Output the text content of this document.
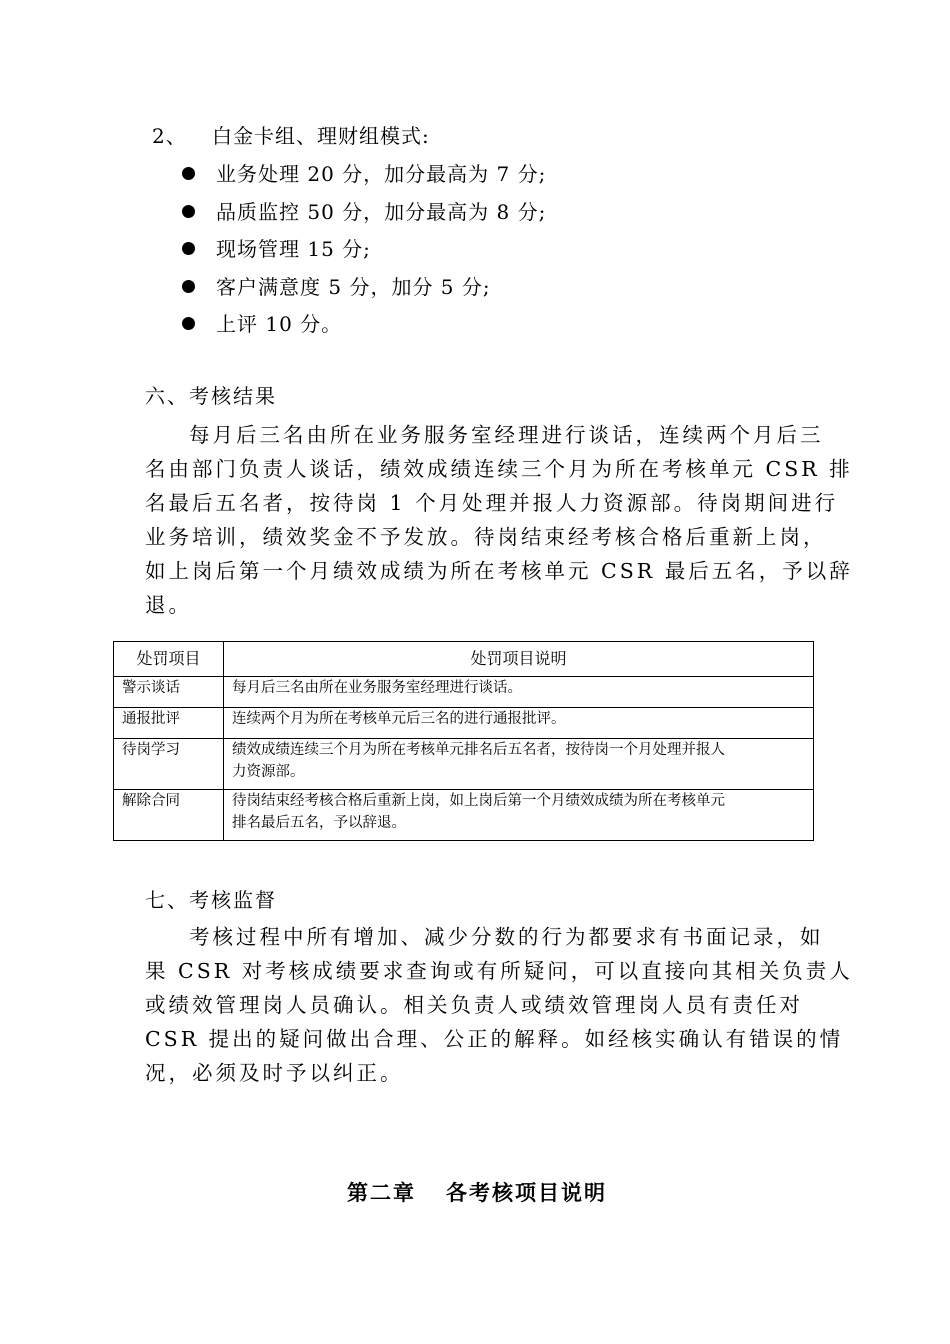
2、 白金卡组、理财组模式:
业务处理 20 分，加分最高为 7 分;
品质监控 50 分，加分最高为 8 分;
现场管理 15 分;
客户满意度 5 分，加分 5 分;
上评 10 分。
六、考核结果
每月后三名由所在业务服务室经理进行谈话，连续两个月后三
名由部门负责人谈话，绩效成绩连续三个月为所在考核单元 CSR 排
名最后五名者，按待岗 1 个月处理并报人力资源部。待岗期间进行
业务培训，绩效奖金不予发放。待岗结束经考核合格后重新上岗，
如上岗后第一个月绩效成绩为所在考核单元 CSR 最后五名，予以辞
退。
处罚项目	处罚项目说明
警示谈话	每月后三名由所在业务服务室经理进行谈话。

通报批评	连续两个月为所在考核单元后三名的进行通报批评。

待岗学习	绩效成绩连续三个月为所在考核单元排名后五名者，按待岗一个月处理并报人
力资源部。

解除合同	待岗结束经考核合格后重新上岗，如上岗后第一个月绩效成绩为所在考核单元
排名最后五名，予以辞退。
七、考核监督
考核过程中所有增加、减少分数的行为都要求有书面记录，如
果 CSR 对考核成绩要求查询或有所疑问，可以直接向其相关负责人
或绩效管理岗人员确认。相关负责人或绩效管理岗人员有责任对
CSR 提出的疑问做出合理、公正的解释。如经核实确认有错误的情
况，必须及时予以纠正。
第二章 各考核项目说明
